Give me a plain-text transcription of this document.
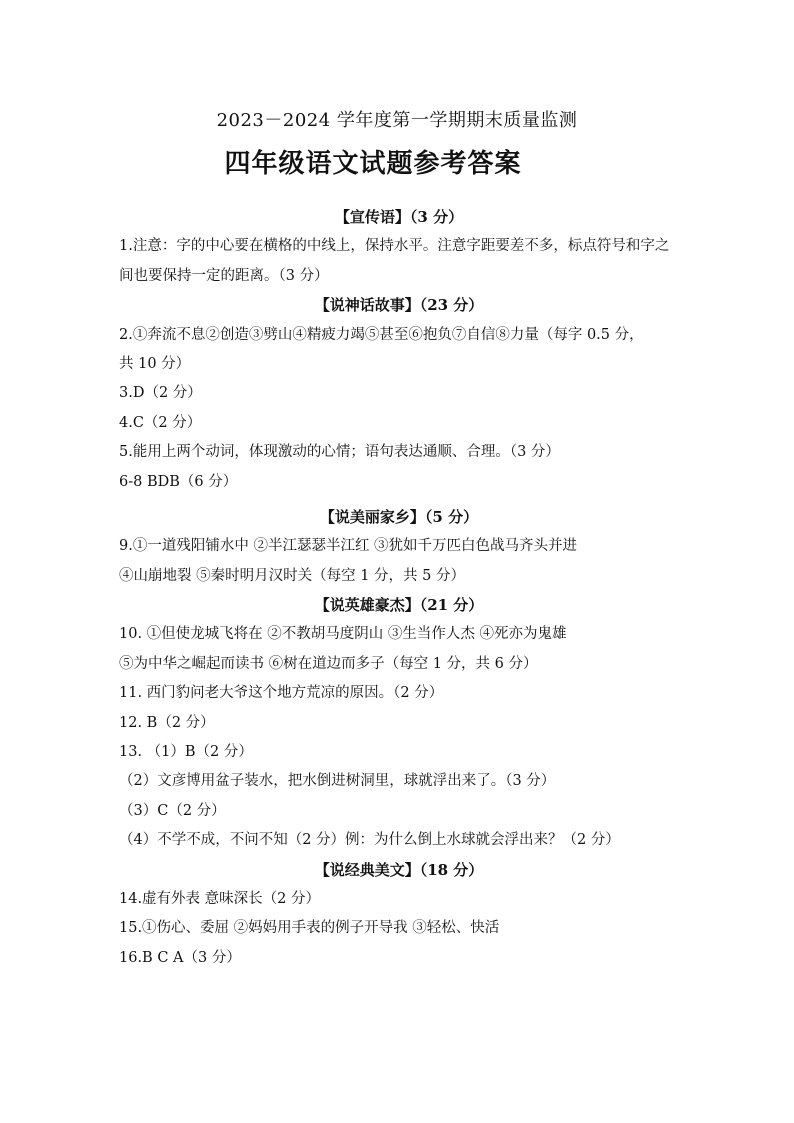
2023－2024 学年度第一学期期末质量监测
四年级语文试题参考答案
【宣传语】（3 分）
1.注意：字的中心要在横格的中线上，保持水平。注意字距要差不多，标点符号和字之
间也要保持一定的距离。（3 分）
【说神话故事】（23 分）
2.①奔流不息②创造③劈山④精疲力竭⑤甚至⑥抱负⑦自信⑧力量（每字 0.5 分，
共 10 分）
3.D（2 分）
4.C（2 分）
5.能用上两个动词，体现激动的心情；语句表达通顺、合理。（3 分）
6-8 BDB（6 分）
【说美丽家乡】（5 分）
9.①一道残阳铺水中 ②半江瑟瑟半江红 ③犹如千万匹白色战马齐头并进
④山崩地裂 ⑤秦时明月汉时关（每空 1 分，共 5 分）
【说英雄豪杰】（21 分）
10. ①但使龙城飞将在 ②不教胡马度阴山 ③生当作人杰 ④死亦为鬼雄
⑤为中华之崛起而读书 ⑥树在道边而多子（每空 1 分，共 6 分）
11. 西门豹问老大爷这个地方荒凉的原因。（2 分）
12. B（2 分）
13. （1）B（2 分）
（2）文彦博用盆子装水，把水倒进树洞里，球就浮出来了。（3 分）
（3）C（2 分）
（4）不学不成，不问不知（2 分）例：为什么倒上水球就会浮出来？（2 分）
【说经典美文】（18 分）
14.虚有外表 意味深长（2 分）
15.①伤心、委屈 ②妈妈用手表的例子开导我 ③轻松、快活
16.B C A（3 分）
